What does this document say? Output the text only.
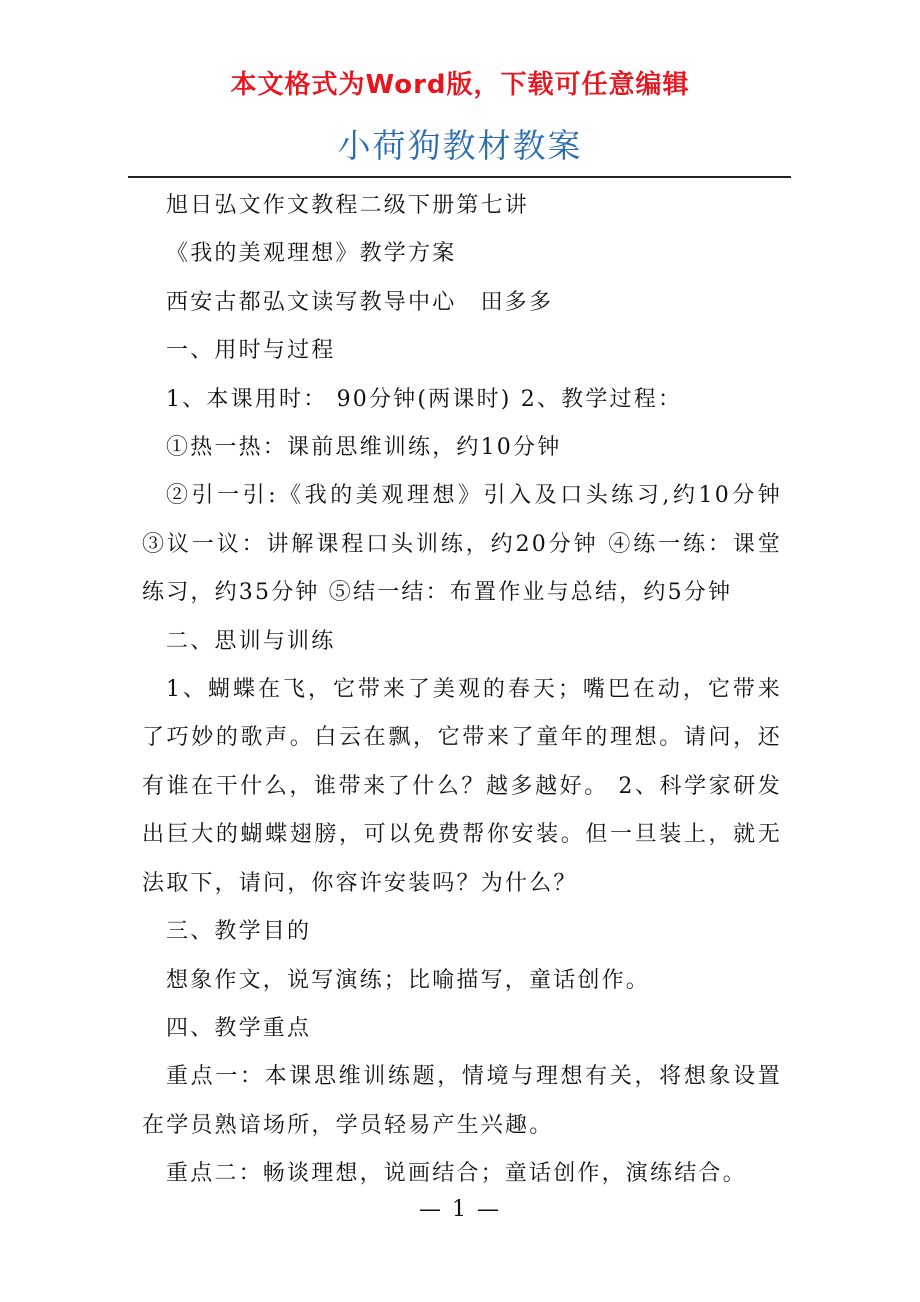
本文格式为Word版，下载可任意编辑
小荷狗教材教案

旭日弘文作文教程二级下册第七讲

《我的美观理想》教学方案

西安古都弘文读写教导中心　田多多

一、用时与过程

1、本课用时： 90分钟(两课时) 2、教学过程：

①热一热：课前思维训练，约10分钟

②引一引:《我的美观理想》引入及口头练习,约10分钟 ③议一议：讲解课程口头训练，约20分钟 ④练一练：课堂练习，约35分钟 ⑤结一结：布置作业与总结，约5分钟

二、思训与训练

1、蝴蝶在飞，它带来了美观的春天；嘴巴在动，它带来了巧妙的歌声。白云在飘，它带来了童年的理想。请问，还有谁在干什么，谁带来了什么？越多越好。 2、科学家研发出巨大的蝴蝶翅膀，可以免费帮你安装。但一旦装上，就无法取下，请问，你容许安装吗？为什么？

三、教学目的

想象作文，说写演练；比喻描写，童话创作。

四、教学重点

重点一：本课思维训练题，情境与理想有关，将想象设置在学员熟谙场所，学员轻易产生兴趣。

重点二：畅谈理想，说画结合；童话创作，演练结合。

— 1 —
